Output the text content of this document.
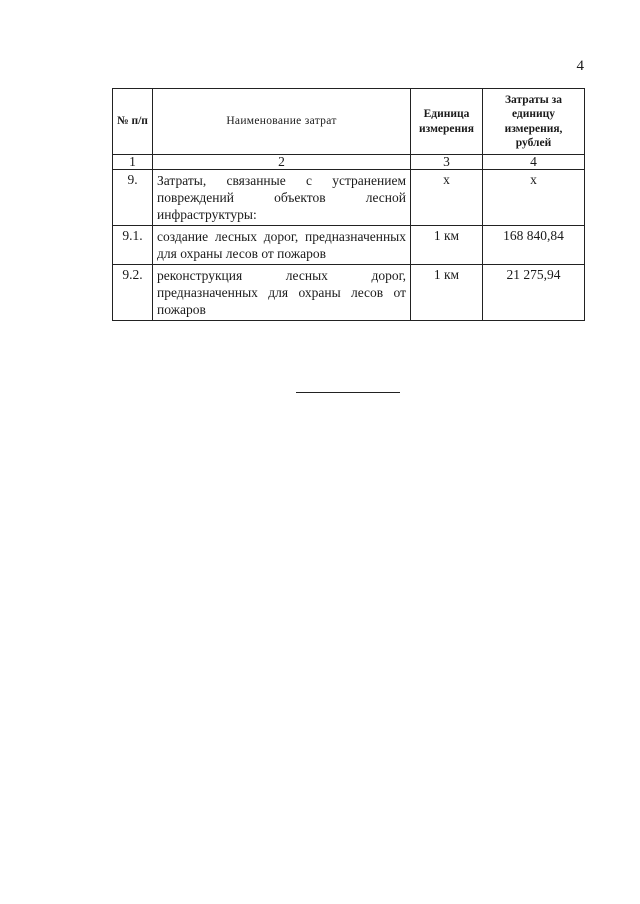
4
№ п/п	Наименование затрат	Единица измерения	Затраты за единицу измерения, рублей
1	2	3	4
9.	Затраты, связанные с устранением повреждений объектов лесной инфраструктуры:	x	x
9.1.	создание лесных дорог, предназначенных для охраны лесов от пожаров	1 км	168 840,84
9.2.	реконструкция лесных дорог, предназначенных для охраны лесов от пожаров	1 км	21 275,94
